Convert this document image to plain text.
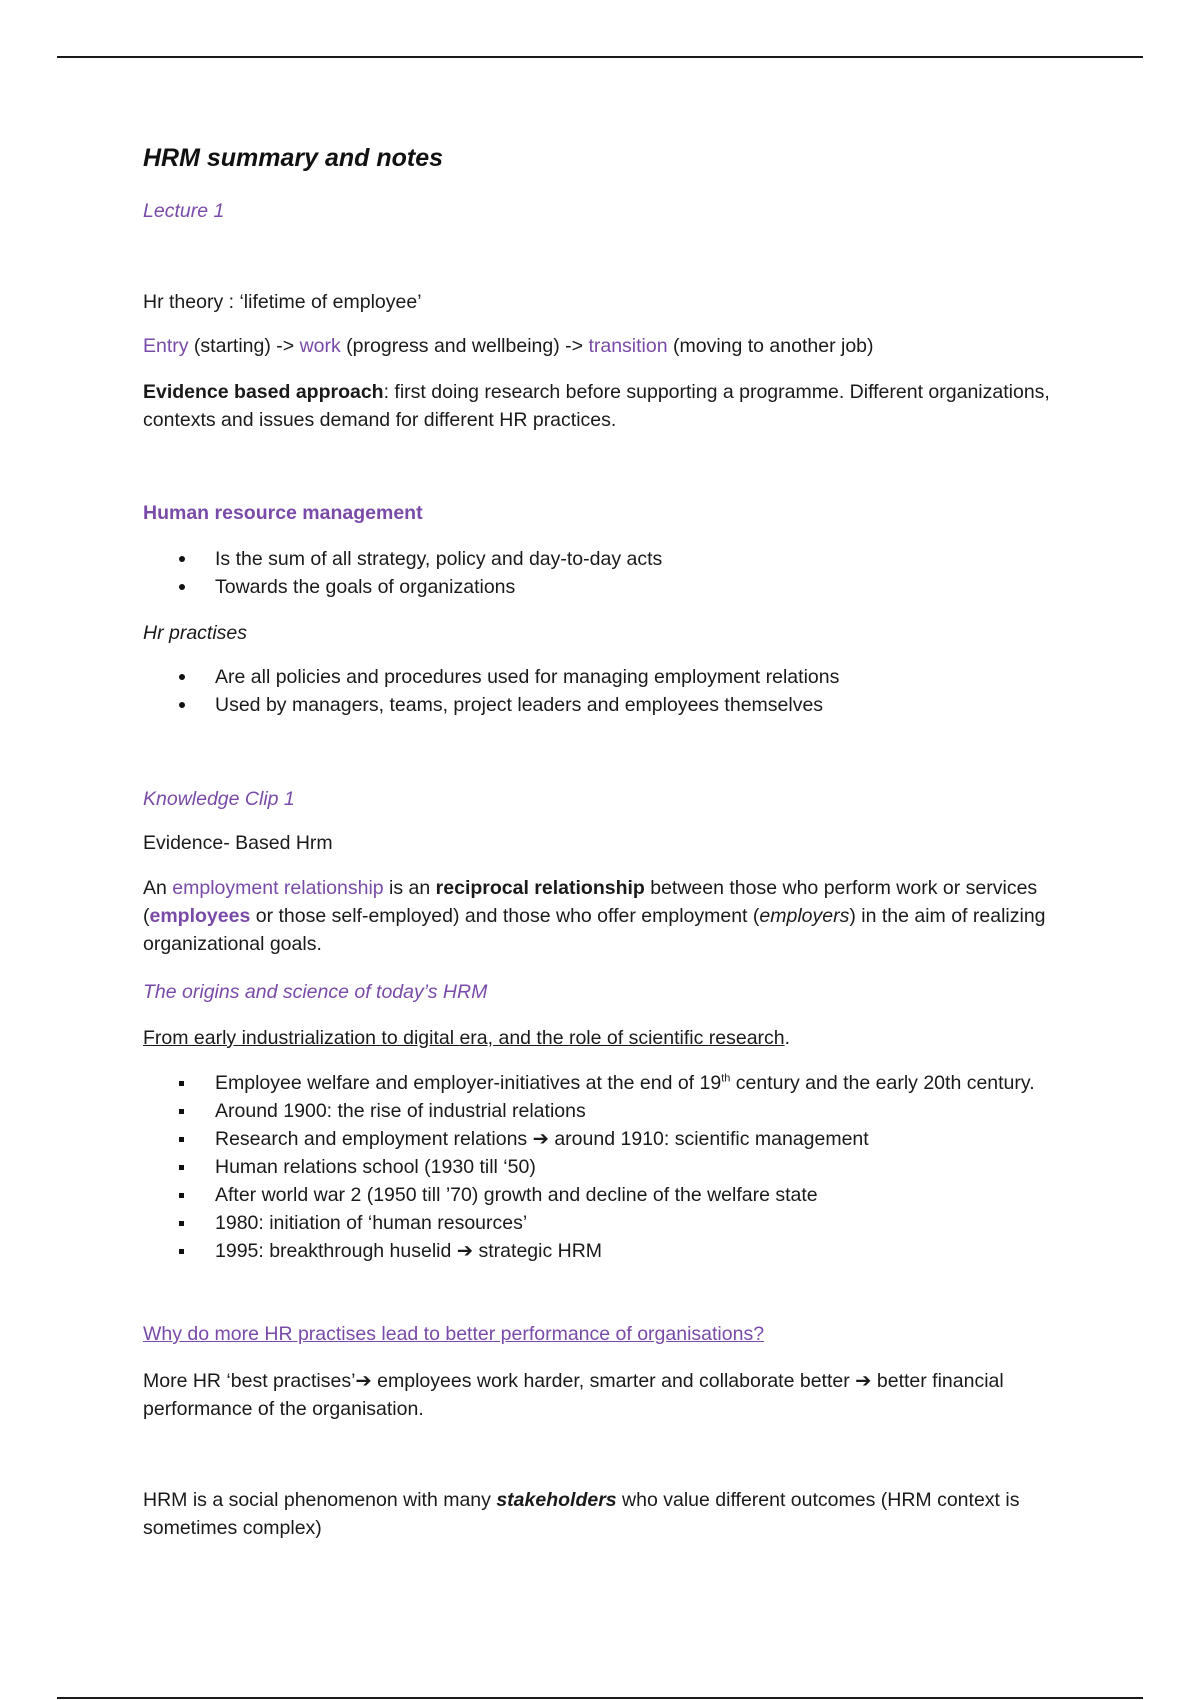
HRM summary and notes
Lecture 1
Hr theory : ‘lifetime of employee’
Entry (starting) -> work (progress and wellbeing) -> transition (moving to another job)
Evidence based approach: first doing research before supporting a programme. Different organizations, contexts and issues demand for different HR practices.
Human resource management
Is the sum of all strategy, policy and day-to-day acts
Towards the goals of organizations
Hr practises
Are all policies and procedures used for managing employment relations
Used by managers, teams, project leaders and employees themselves
Knowledge Clip 1
Evidence- Based Hrm
An employment relationship is an reciprocal relationship between those who perform work or services (employees or those self-employed) and those who offer employment (employers) in the aim of realizing organizational goals.
The origins and science of today’s HRM
From early industrialization to digital era, and the role of scientific research.
Employee welfare and employer-initiatives at the end of 19th century and the early 20th century.
Around 1900: the rise of industrial relations
Research and employment relations ➔ around 1910: scientific management
Human relations school (1930 till ‘50)
After world war 2 (1950 till ’70) growth and decline of the welfare state
1980: initiation of ‘human resources’
1995: breakthrough huselid ➔ strategic HRM
Why do more HR practises lead to better performance of organisations?
More HR ‘best practises’➔ employees work harder, smarter and collaborate better ➔ better financial performance of the organisation.
HRM is a social phenomenon with many stakeholders who value different outcomes (HRM context is sometimes complex)
